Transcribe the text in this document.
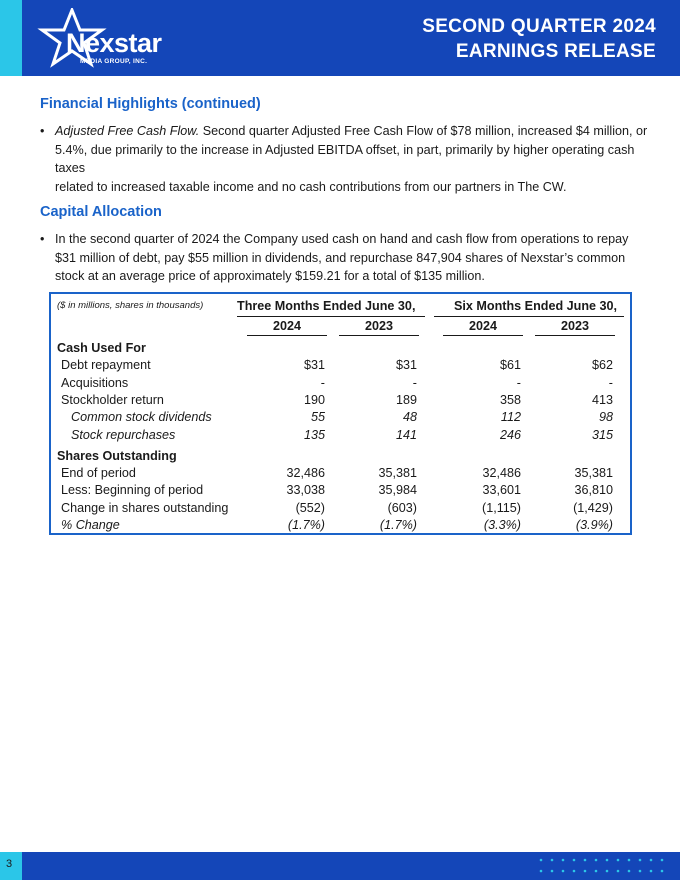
Nexstar
MEDIA GROUP, INC.
SECOND QUARTER 2024
EARNINGS RELEASE
Financial Highlights (continued)
• Adjusted Free Cash Flow. Second quarter Adjusted Free Cash Flow of $78 million, increased $4 million, or
5.4%, due primarily to the increase in Adjusted EBITDA offset, in part, primarily by higher operating cash taxes
related to increased taxable income and no cash contributions from our partners in The CW.
Capital Allocation
• In the second quarter of 2024 the Company used cash on hand and cash flow from operations to repay
$31 million of debt, pay $55 million in dividends, and repurchase 847,904 shares of Nexstar’s common
stock at an average price of approximately $159.21 for a total of $135 million.
($ in millions, shares in thousands)	Three Months Ended June 30,	Six Months Ended June 30,
2024	2023	2024	2023
Cash Used For
Debt repayment	$31	$31	$61	$62
Acquisitions	-	-	-	-
Stockholder return	190	189	358	413
Common stock dividends	55	48	112	98
Stock repurchases	135	141	246	315
Shares Outstanding
End of period	32,486	35,381	32,486	35,381
Less: Beginning of period	33,038	35,984	33,601	36,810
Change in shares outstanding	(552)	(603)	(1,115)	(1,429)
% Change	(1.7%)	(1.7%)	(3.3%)	(3.9%)
3
